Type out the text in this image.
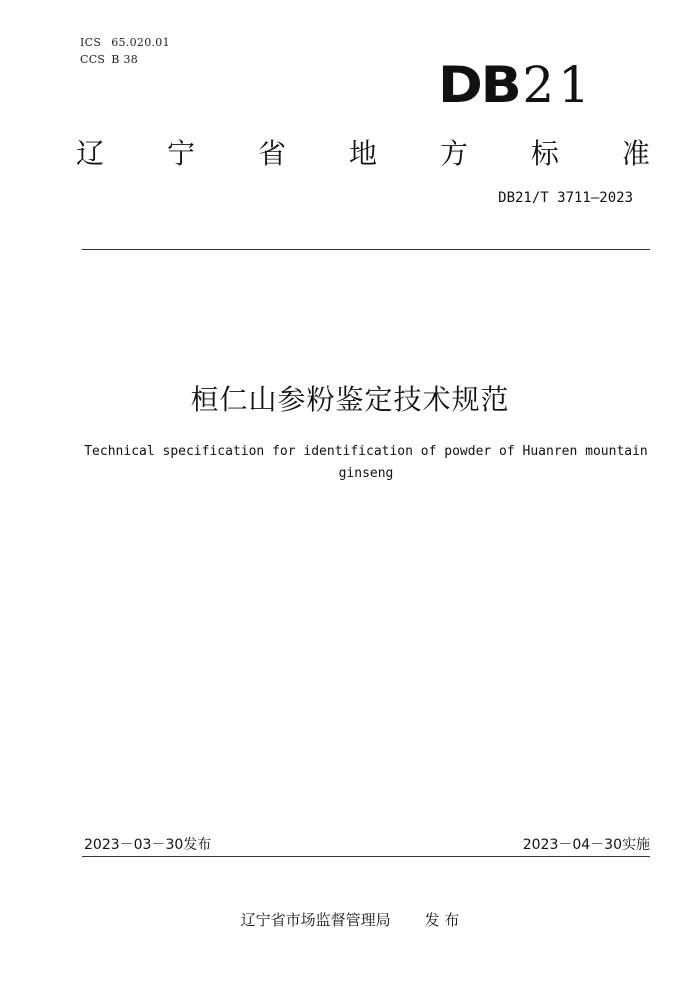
ICS 65.020.01
CCS B 38	DB 21
辽 宁 省 地 方 标 准
DB21/T 3711—2023
桓仁山参粉鉴定技术规范
Technical specification for identification of powder of Huanren mountain ginseng
2023－03－30发布	2023－04－30实施
辽宁省市场监督管理局 发 布
